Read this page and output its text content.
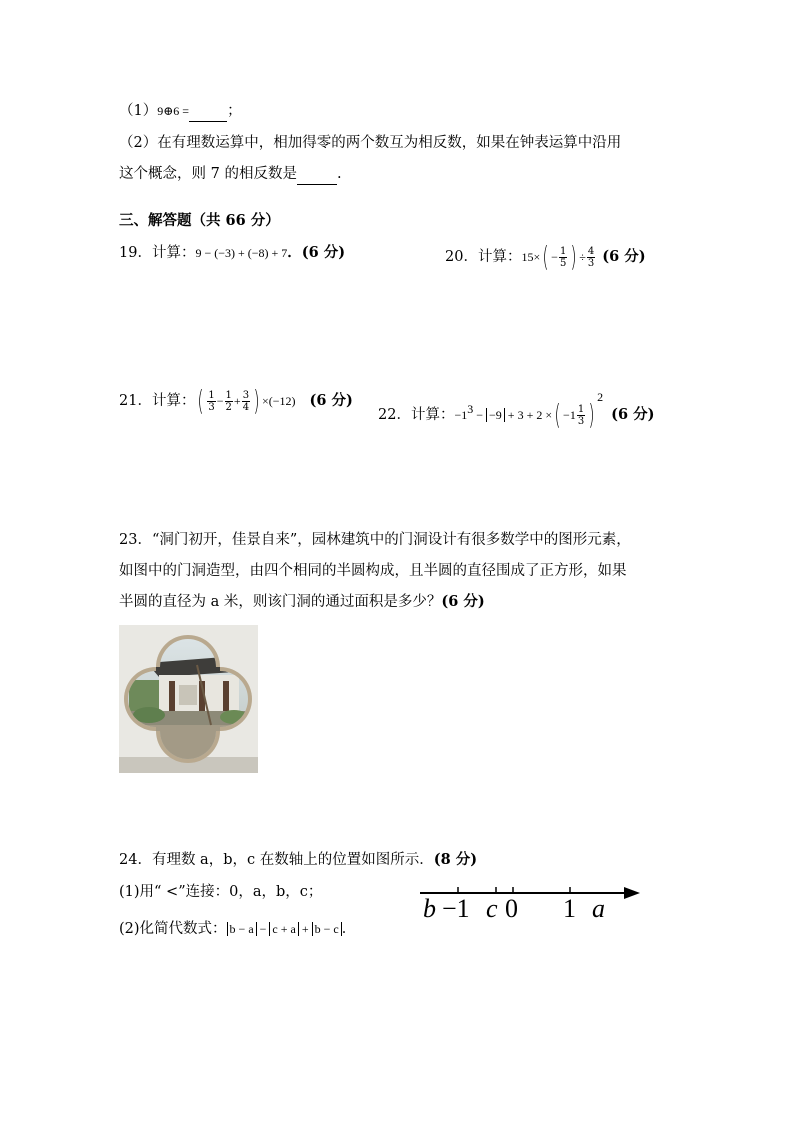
（1）9⊕6 =	；
（2）在有理数运算中，相加得零的两个数互为相反数，如果在钟表运算中沿用
这个概念，则 7 的相反数是	.
三、解答题（共 66 分）
19．计算：9 − (−3) + (−8) + 7．(6 分)	20．计算：$15\times( - \frac{1}{5}$ ) ÷ $\frac{4}{3} (6$ 分)
21．计算：( $\frac{1}{3} - \frac{1}{2} + \frac{3}{4}$ ) ×(−12) (6 分)
22．计算：$-1^3 - -9 + 3 + 2$ ×( $-1 \frac{1}{3} )^2(6$ 分)
23．“洞门初开，佳景自来”，园林建筑中的门洞设计有很多数学中的图形元素，
如图中的门洞造型，由四个相同的半圆构成，且半圆的直径围成了正方形，如果
半圆的直径为 a 米，则该门洞的通过面积是多少？(6 分)
24．有理数 a，b，c 在数轴上的位置如图所示．(8 分)
(1)用“ <”连接：0，a，b，c；
(2)化简代数式： b − a − c + a + b − c ．
b −1 c 0 1 a
